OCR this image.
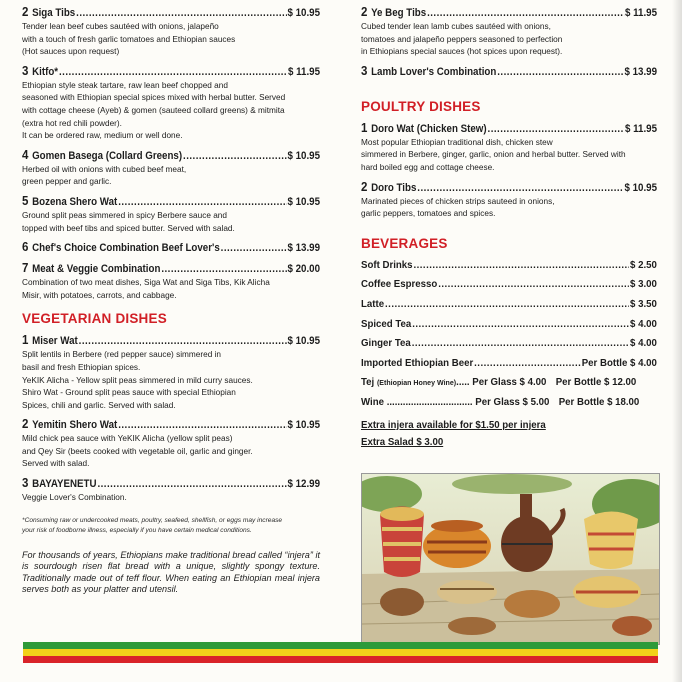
2 Siga Tibs .....	$ 10.95
Tender lean beef cubes sautéed with onions, jalapeño
with a touch of fresh garlic tomatoes and Ethiopian sauces
(Hot sauces upon request)
3 Kitfo* .....	$ 11.95
Ethiopian style steak tartare, raw lean beef chopped and
seasoned with Ethiopian special spices mixed with herbal butter. Served
with cottage cheese (Ayeb) & gomen (sauteed collard greens) & mitmita
(extra hot red chili powder).
It can be ordered raw, medium or well done.
4 Gomen Basega (Collard Greens) .....	$ 10.95
Herbed oil with onions with cubed beef meat,
green pepper and garlic.
5 Bozena Shero Wat .....	$ 10.95
Ground split peas simmered in spicy Berbere sauce and
topped with beef tibs and spiced butter. Served with salad.
6 Chef's Choice Combination Beef Lover's .....	$ 13.99
7 Meat & Veggie Combination .....	$ 20.00
Combination of two meat dishes, Siga Wat and Siga Tibs, Kik Alicha
Misir, with potatoes, carrots, and cabbage.
VEGETARIAN DISHES
1 Miser Wat .....	$ 10.95
Split lentils in Berbere (red pepper sauce) simmered in
basil and fresh Ethiopian spices.
YeKIK Alicha - Yellow split peas simmered in mild curry sauces.
Shiro Wat - Ground split peas sauce with special Ethiopian
Spices, chili and garlic. Served with salad.
2 Yemitin Shero Wat .....	$ 10.95
Mild chick pea sauce with YeKIK Alicha (yellow split peas)
and Qey Sir (beets cooked with vegetable oil, garlic and ginger.
Served with salad.
3 BAYAYENETU .....	$ 12.99
Veggie Lover's Combination.
*Consuming raw or undercooked meats, poultry, seafeed, shellfish, or eggs may increase
your risk of foodborne illness, especially if you have certain medical conditions.
For thousands of years, Ethiopians make traditional bread called “injera” it is sourdough risen flat bread with a unique, slightly spongy texture. Traditionally made out of teff flour. When eating an Ethiopian meal injera serves both as your platter and utensil.
2 Ye Beg Tibs .....	$ 11.95
Cubed tender lean lamb cubes sautéed with onions,
tomatoes and jalapeño peppers seasoned to perfection
in Ethiopians special sauces (hot spices upon request).
3 Lamb Lover's Combination .....	$ 13.99
POULTRY DISHES
1 Doro Wat (Chicken Stew) .....	$ 11.95
Most popular Ethiopian traditional dish, chicken stew
simmered in Berbere, ginger, garlic, onion and herbal butter. Served with
hard boiled egg and cottage cheese.
2 Doro Tibs .....	$ 10.95
Marinated pieces of chicken strips sauteed in onions,
garlic peppers, tomatoes and spices.
BEVERAGES
Soft Drinks .....	$ 2.50
Coffee Espresso .....	$ 3.00
Latte .....	$ 3.50
Spiced Tea .....	$ 4.00
Ginger Tea .....	$ 4.00
Imported Ethiopian Beer .....	Per Bottle $ 4.00
Tej
(Ethiopian Honey Wine) ..... Per Glass $ 4.00 Per Bottle $ 12.00
Wine ................................ Per Glass $ 5.00 Per Bottle $ 18.00
Extra injera available for $1.50 per injera
Extra Salad $ 3.00
